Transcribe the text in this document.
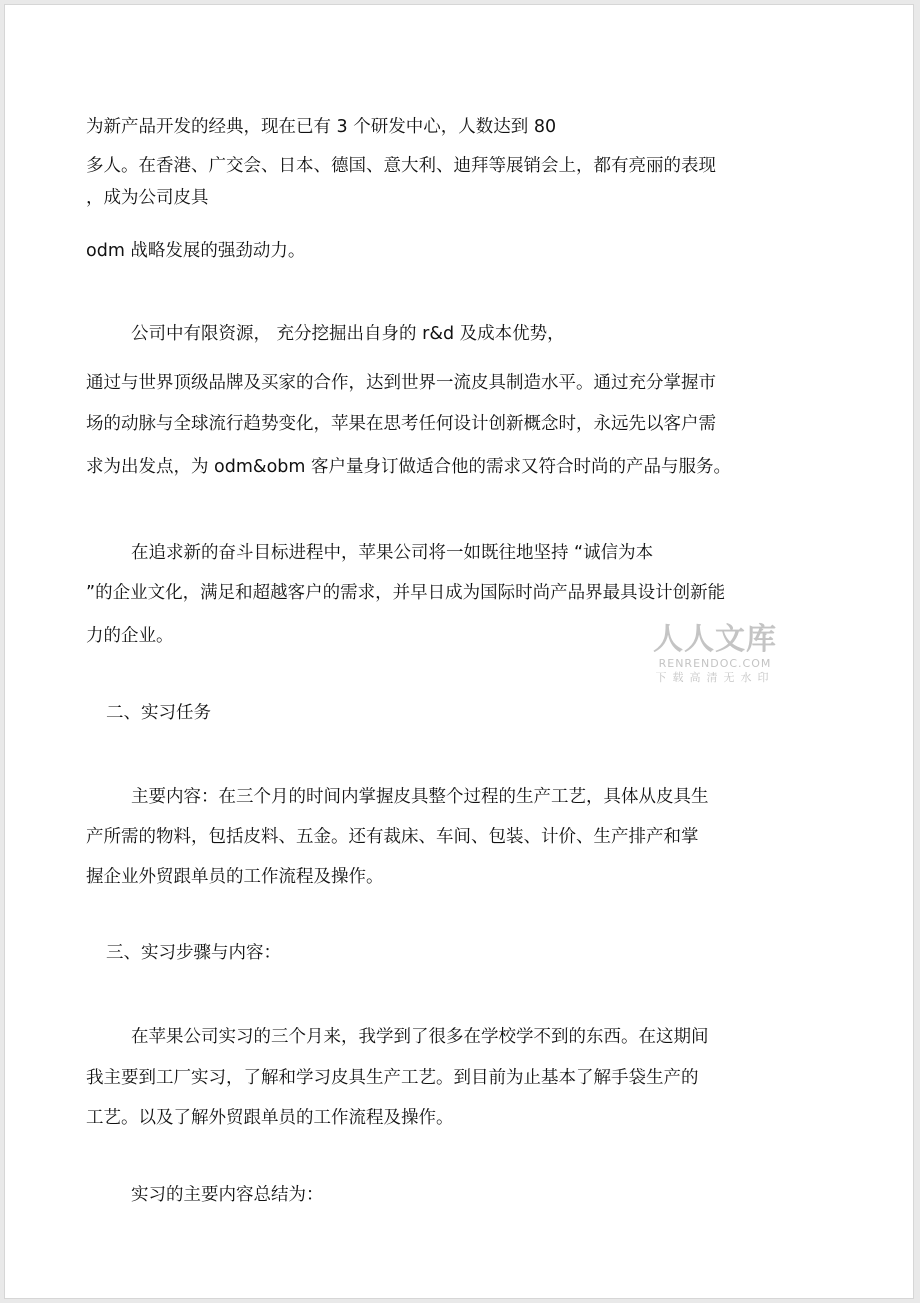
为新产品开发的经典，现在已有 3 个研发中心，人数达到 80
多人。在香港、广交会、日本、德国、意大利、迪拜等展销会上，都有亮丽的表现
，成为公司皮具
odm 战略发展的强劲动力。
公司中有限资源， 充分挖掘出自身的 r&d 及成本优势，
通过与世界顶级品牌及买家的合作，达到世界一流皮具制造水平。通过充分掌握市
场的动脉与全球流行趋势变化，苹果在思考任何设计创新概念时，永远先以客户需
求为出发点，为 odm&obm 客户量身订做适合他的需求又符合时尚的产品与服务。
在追求新的奋斗目标进程中，苹果公司将一如既往地坚持 “诚信为本
”的企业文化，满足和超越客户的需求，并早日成为国际时尚产品界最具设计创新能
力的企业。
二、实习任务
主要内容：在三个月的时间内掌握皮具整个过程的生产工艺，具体从皮具生
产所需的物料，包括皮料、五金。还有裁床、车间、包装、计价、生产排产和掌
握企业外贸跟单员的工作流程及操作。
三、实习步骤与内容：
在苹果公司实习的三个月来，我学到了很多在学校学不到的东西。在这期间
我主要到工厂实习，了解和学习皮具生产工艺。到目前为止基本了解手袋生产的
工艺。以及了解外贸跟单员的工作流程及操作。
实习的主要内容总结为：
人人文库
RENRENDOC.COM
下载高清无水印
